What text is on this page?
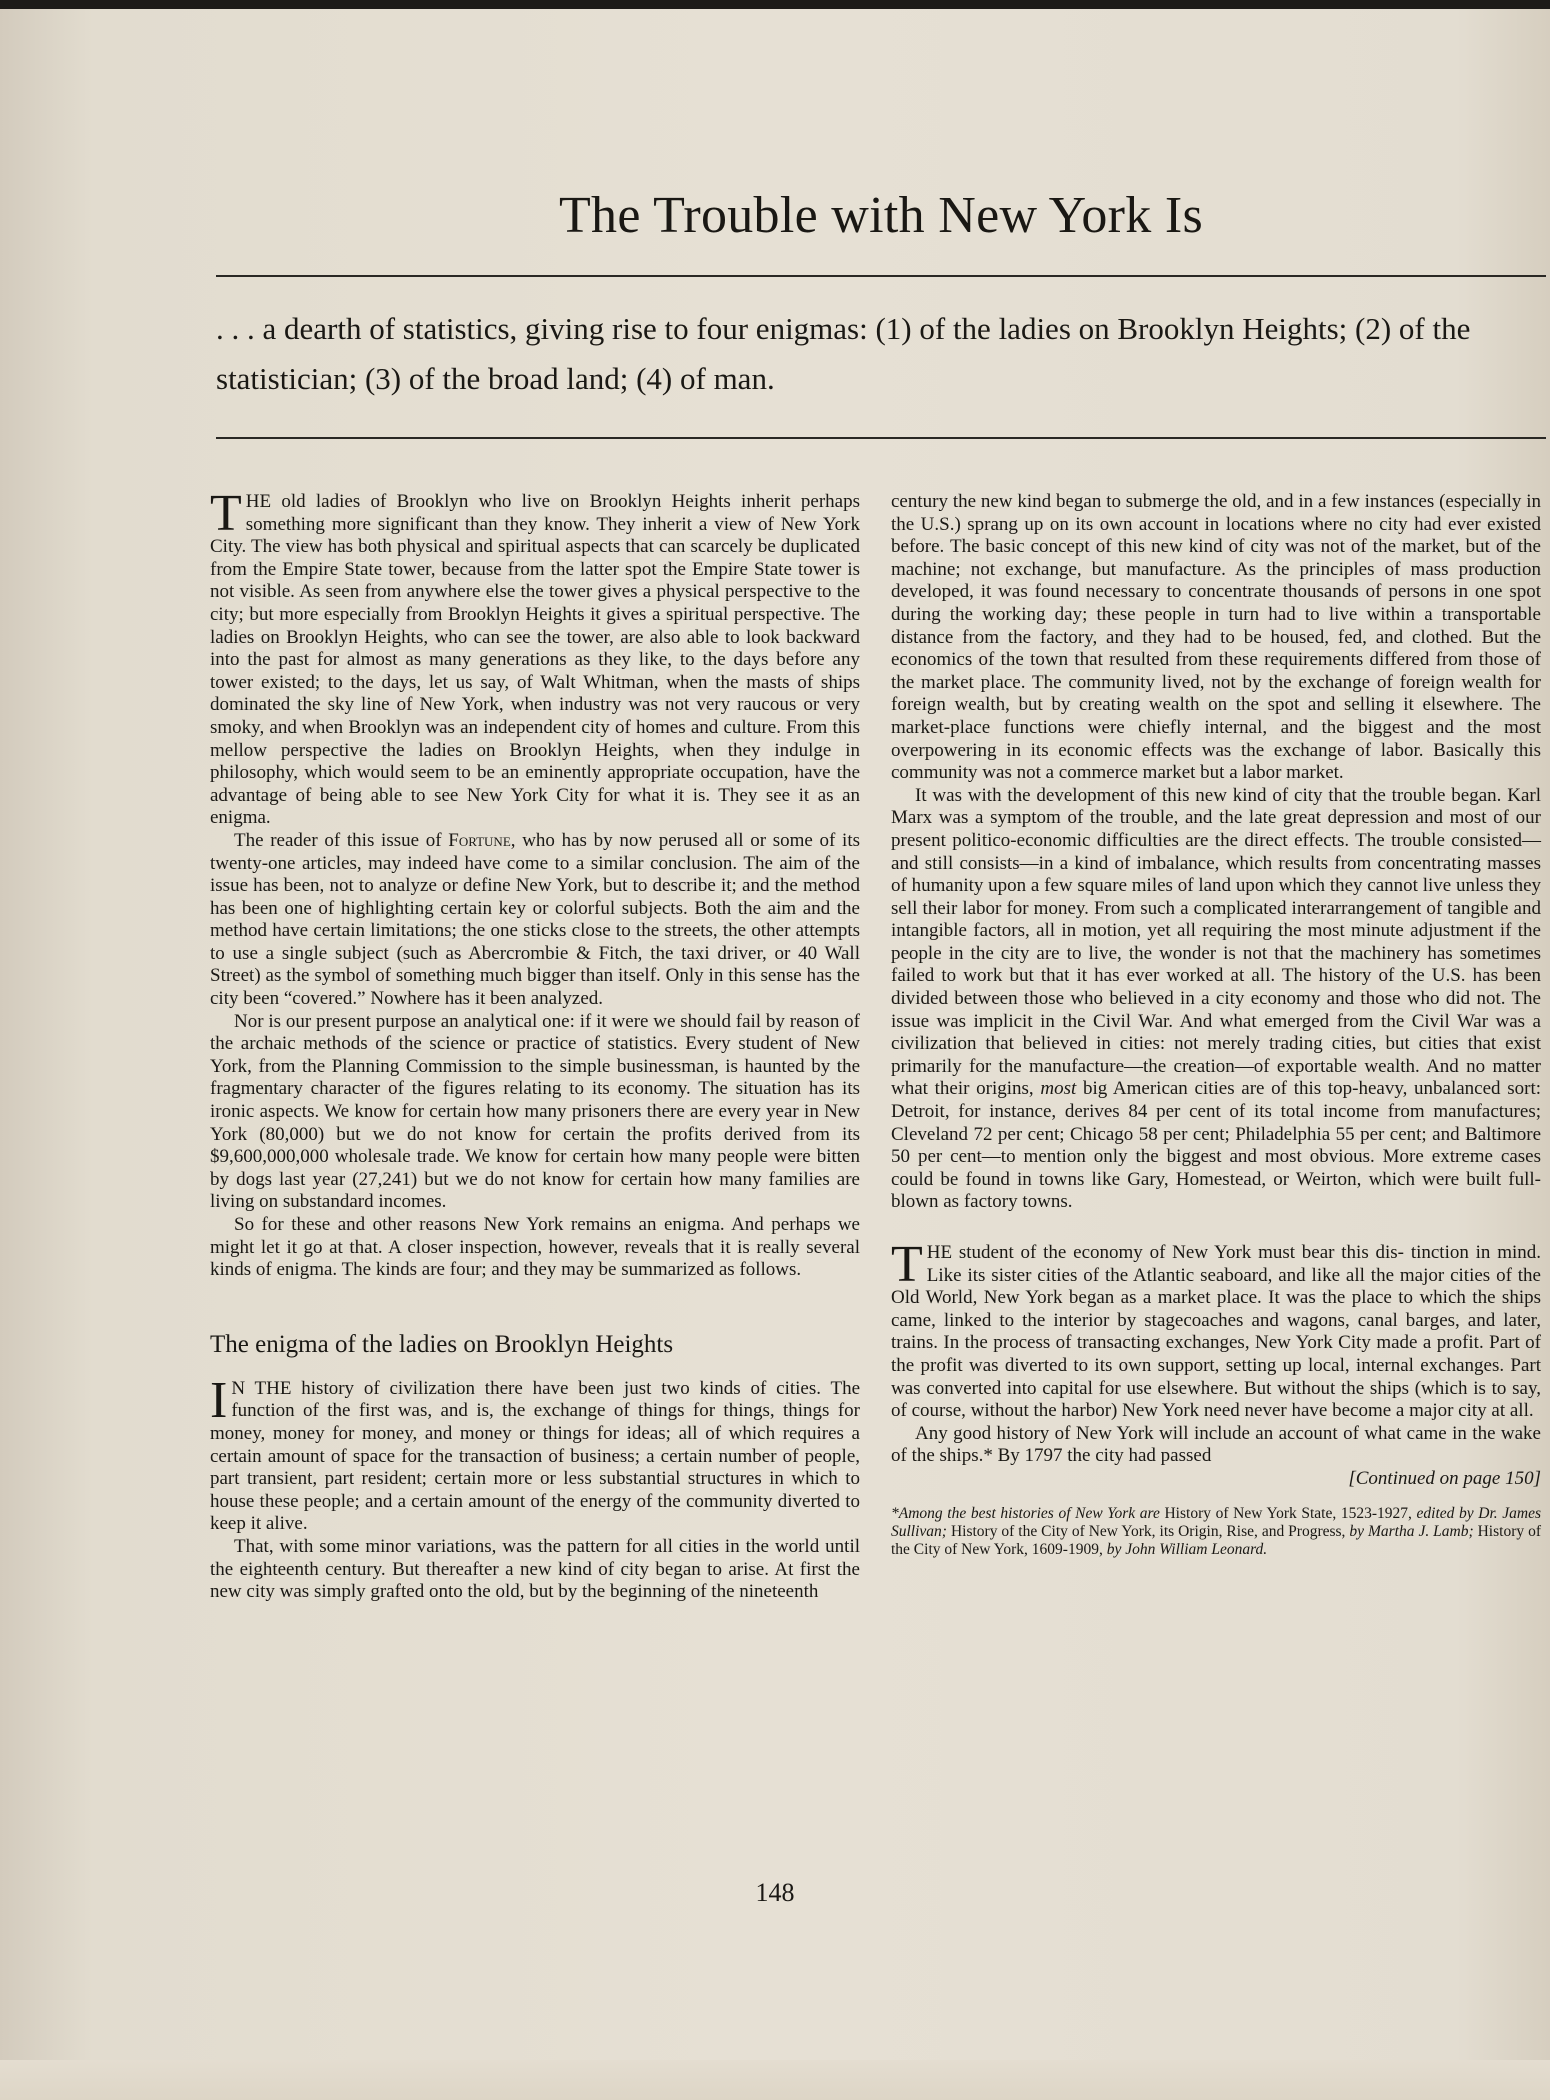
The Trouble with New York Is

. . . a dearth of statistics, giving rise to four enigmas: (1) of the ladies on Brooklyn Heights; (2) of the statistician; (3) of the broad land; (4) of man.

THE old ladies of Brooklyn who live on Brooklyn Heights inherit perhaps something more significant than they know. They inherit a view of New York City. The view has both physical and spiritual aspects that can scarcely be duplicated from the Empire State tower, because from the latter spot the Empire State tower is not visible. As seen from anywhere else the tower gives a physical perspective to the city; but more especially from Brooklyn Heights it gives a spiritual perspective. The ladies on Brooklyn Heights, who can see the tower, are also able to look backward into the past for almost as many generations as they like, to the days before any tower existed; to the days, let us say, of Walt Whitman, when the masts of ships dominated the sky line of New York, when industry was not very raucous or very smoky, and when Brooklyn was an independent city of homes and culture. From this mellow perspective the ladies on Brooklyn Heights, when they indulge in philosophy, which would seem to be an eminently appropriate occupation, have the advantage of being able to see New York City for what it is. They see it as an enigma.

The reader of this issue of Fortune, who has by now perused all or some of its twenty-one articles, may indeed have come to a similar conclusion. The aim of the issue has been, not to analyze or define New York, but to describe it; and the method has been one of highlighting certain key or colorful subjects. Both the aim and the method have certain limitations; the one sticks close to the streets, the other attempts to use a single subject (such as Abercrombie & Fitch, the taxi driver, or 40 Wall Street) as the symbol of something much bigger than itself. Only in this sense has the city been “covered.” Nowhere has it been analyzed.

Nor is our present purpose an analytical one: if it were we should fail by reason of the archaic methods of the science or practice of statistics. Every student of New York, from the Planning Commission to the simple businessman, is haunted by the fragmentary character of the figures relating to its economy. The situation has its ironic aspects. We know for certain how many prisoners there are every year in New York (80,000) but we do not know for certain the profits derived from its $9,600,000,000 wholesale trade. We know for certain how many people were bitten by dogs last year (27,241) but we do not know for certain how many families are living on substandard incomes.

So for these and other reasons New York remains an enigma. And perhaps we might let it go at that. A closer inspection, however, reveals that it is really several kinds of enigma. The kinds are four; and they may be summarized as follows.

The enigma of the ladies on Brooklyn Heights

I N THE history of civilization there have been just two kinds of cities. The function of the first was, and is, the exchange of things for things, things for money, money for money, and money or things for ideas; all of which requires a certain amount of space for the transaction of business; a certain number of people, part transient, part resident; certain more or less substantial structures in which to house these people; and a certain amount of the energy of the community diverted to keep it alive.

That, with some minor variations, was the pattern for all cities in the world until the eighteenth century. But thereafter a new kind of city began to arise. At first the new city was simply grafted onto the old, but by the beginning of the nineteenth

century the new kind began to submerge the old, and in a few instances (especially in the U.S.) sprang up on its own account in locations where no city had ever existed before. The basic concept of this new kind of city was not of the market, but of the machine; not exchange, but manufacture. As the principles of mass production developed, it was found necessary to concentrate thousands of persons in one spot during the working day; these people in turn had to live within a transportable distance from the factory, and they had to be housed, fed, and clothed. But the economics of the town that resulted from these requirements differed from those of the market place. The community lived, not by the exchange of foreign wealth for foreign wealth, but by creating wealth on the spot and selling it elsewhere. The market-place functions were chiefly internal, and the biggest and the most overpowering in its economic effects was the exchange of labor. Basically this community was not a commerce market but a labor market.

It was with the development of this new kind of city that the trouble began. Karl Marx was a symptom of the trouble, and the late great depression and most of our present politico-economic difficulties are the direct effects. The trouble consisted—and still consists—in a kind of imbalance, which results from concentrating masses of humanity upon a few square miles of land upon which they cannot live unless they sell their labor for money. From such a complicated interarrangement of tangible and intangible factors, all in motion, yet all requiring the most minute adjustment if the people in the city are to live, the wonder is not that the machinery has sometimes failed to work but that it has ever worked at all. The history of the U.S. has been divided between those who believed in a city economy and those who did not. The issue was implicit in the Civil War. And what emerged from the Civil War was a civilization that believed in cities: not merely trading cities, but cities that exist primarily for the manufacture—the creation—of exportable wealth. And no matter what their origins, most big American cities are of this top-heavy, unbalanced sort: Detroit, for instance, derives 84 per cent of its total income from manufactures; Cleveland 72 per cent; Chicago 58 per cent; Philadelphia 55 per cent; and Baltimore 50 per cent—to mention only the biggest and most obvious. More extreme cases could be found in towns like Gary, Homestead, or Weirton, which were built full-blown as factory towns.

THE student of the economy of New York must bear this dis- tinction in mind. Like its sister cities of the Atlantic seaboard, and like all the major cities of the Old World, New York began as a market place. It was the place to which the ships came, linked to the interior by stagecoaches and wagons, canal barges, and later, trains. In the process of transacting exchanges, New York City made a profit. Part of the profit was diverted to its own support, setting up local, internal exchanges. Part was converted into capital for use elsewhere. But without the ships (which is to say, of course, without the harbor) New York need never have become a major city at all.

Any good history of New York will include an account of what came in the wake of the ships.* By 1797 the city had passed

[Continued on page 150]

*Among the best histories of New York are History of New York State, 1523-1927, edited by Dr. James Sullivan; History of the City of New York, its Origin, Rise, and Progress, by Martha J. Lamb; History of the City of New York, 1609-1909, by John William Leonard.

148
